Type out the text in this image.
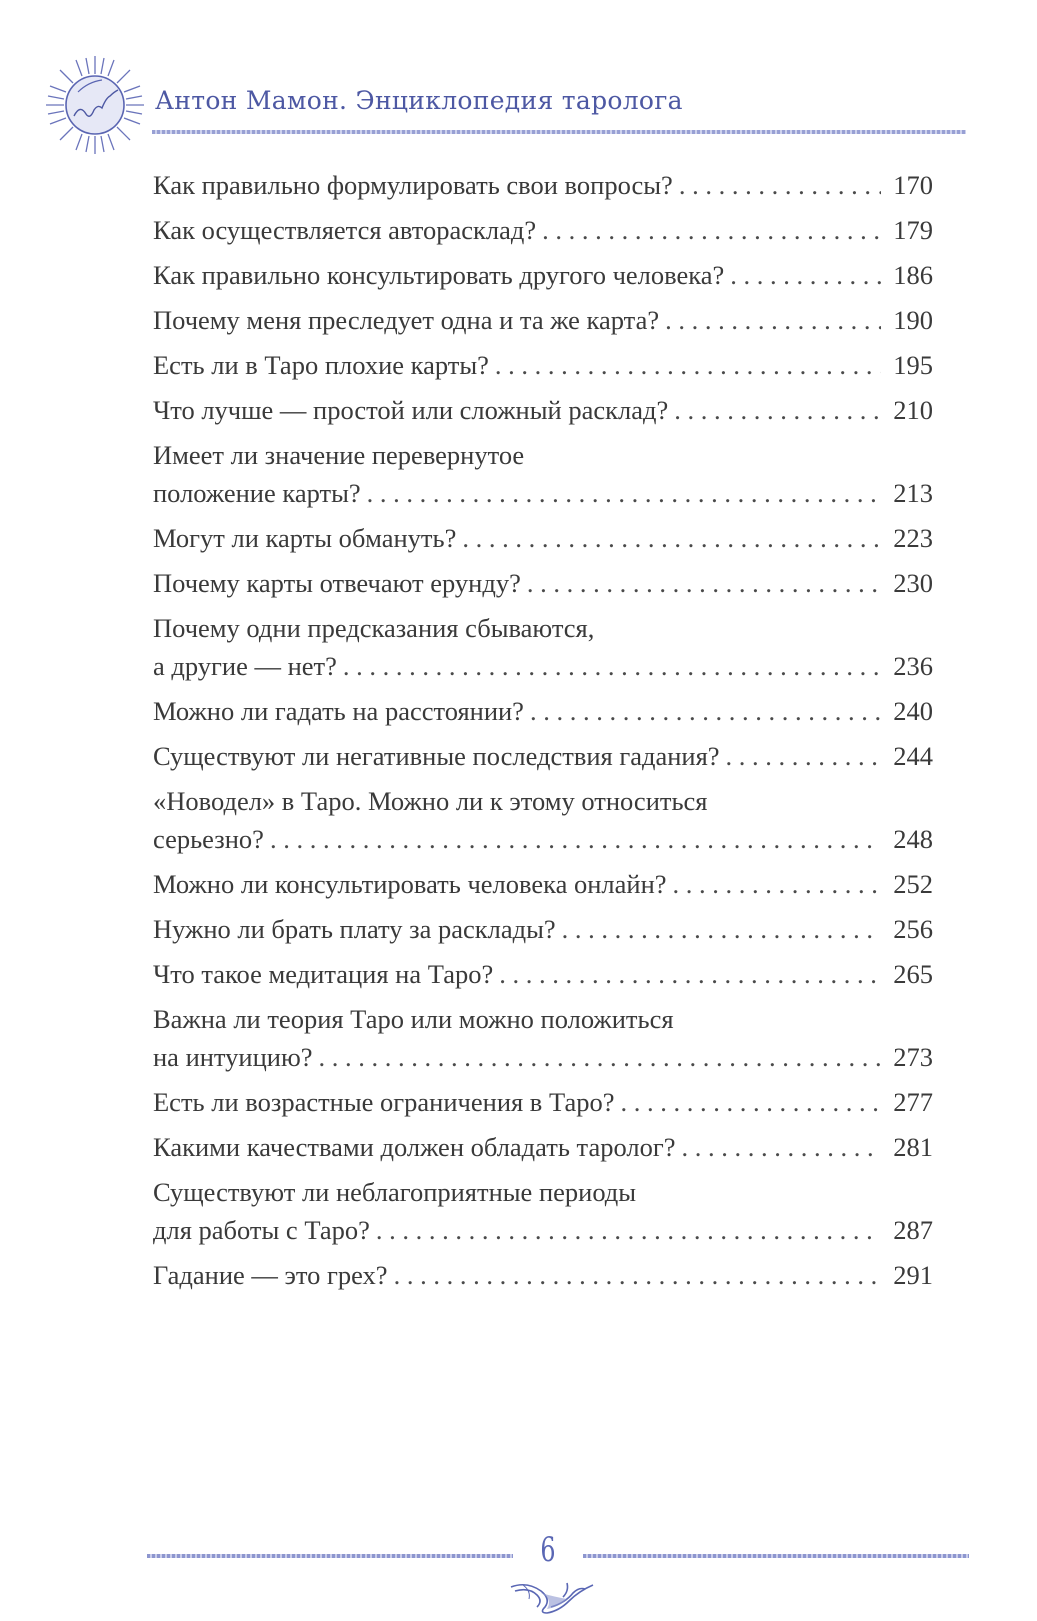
Антон Мамон. Энциклопедия таролога
Как правильно формулировать свои вопросы? . . .	170
Как осуществляется авторасклад? . . .	179
Как правильно консультировать другого человека? . . .	186
Почему меня преследует одна и та же карта? . . .	190
Есть ли в Таро плохие карты? . . .	195
Что лучше — простой или сложный расклад? . . .	210
Имеет ли значение перевернутое
положение карты? . . .	213
Могут ли карты обмануть? . . .	223
Почему карты отвечают ерунду? . . .	230
Почему одни предсказания сбываются,
а другие — нет? . . .	236
Можно ли гадать на расстоянии? . . .	240
Существуют ли негативные последствия гадания? . . .	244
«Новодел» в Таро. Можно ли к этому относиться
серьезно? . . .	248
Можно ли консультировать человека онлайн? . . .	252
Нужно ли брать плату за расклады? . . .	256
Что такое медитация на Таро? . . .	265
Важна ли теория Таро или можно положиться
на интуицию? . . .	273
Есть ли возрастные ограничения в Таро? . . .	277
Какими качествами должен обладать таролог? . . .	281
Существуют ли неблагоприятные периоды
для работы с Таро? . . .	287
Гадание — это грех? . . .	291
6
